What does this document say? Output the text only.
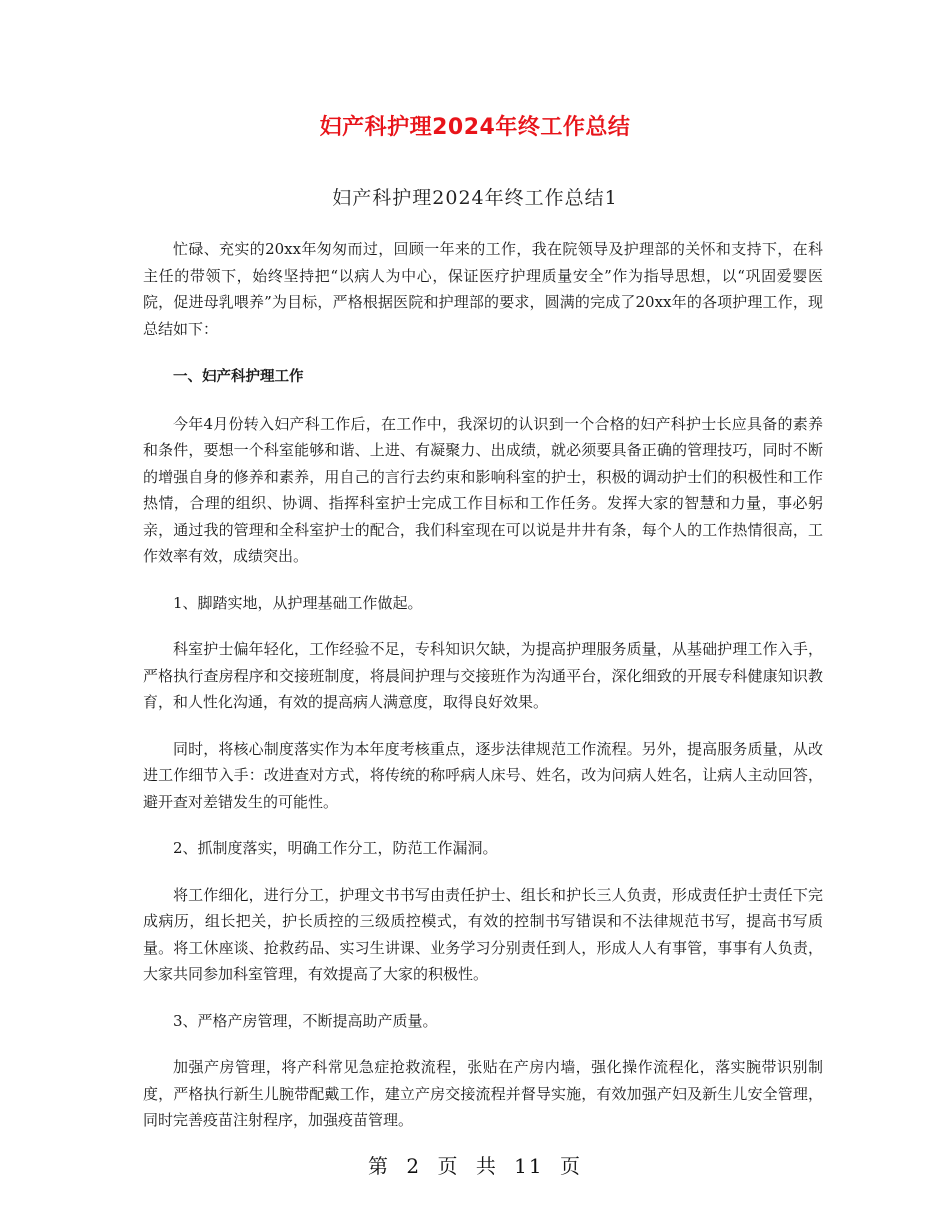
妇产科护理2024年终工作总结
妇产科护理2024年终工作总结1

忙碌、充实的20xx年匆匆而过，回顾一年来的工作，我在院领导及护理部的关怀和支持下，在科主任的带领下，始终坚持把“以病人为中心，保证医疗护理质量安全”作为指导思想，以“巩固爱婴医院，促进母乳喂养”为目标，严格根据医院和护理部的要求，圆满的完成了20xx年的各项护理工作，现总结如下：

一、妇产科护理工作

今年4月份转入妇产科工作后，在工作中，我深切的认识到一个合格的妇产科护士长应具备的素养和条件，要想一个科室能够和谐、上进、有凝聚力、出成绩，就必须要具备正确的管理技巧，同时不断的增强自身的修养和素养，用自己的言行去约束和影响科室的护士，积极的调动护士们的积极性和工作热情，合理的组织、协调、指挥科室护士完成工作目标和工作任务。发挥大家的智慧和力量，事必躬亲，通过我的管理和全科室护士的配合，我们科室现在可以说是井井有条，每个人的工作热情很高，工作效率有效，成绩突出。

1、脚踏实地，从护理基础工作做起。

科室护士偏年轻化，工作经验不足，专科知识欠缺，为提高护理服务质量，从基础护理工作入手，严格执行查房程序和交接班制度，将晨间护理与交接班作为沟通平台，深化细致的开展专科健康知识教育，和人性化沟通，有效的提高病人满意度，取得良好效果。

同时，将核心制度落实作为本年度考核重点，逐步法律规范工作流程。另外，提高服务质量，从改进工作细节入手：改进查对方式，将传统的称呼病人床号、姓名，改为问病人姓名，让病人主动回答，避开查对差错发生的可能性。

2、抓制度落实，明确工作分工，防范工作漏洞。

将工作细化，进行分工，护理文书书写由责任护士、组长和护长三人负责，形成责任护士责任下完成病历，组长把关，护长质控的三级质控模式，有效的控制书写错误和不法律规范书写，提高书写质量。将工休座谈、抢救药品、实习生讲课、业务学习分别责任到人，形成人人有事管，事事有人负责，大家共同参加科室管理，有效提高了大家的积极性。

3、严格产房管理，不断提高助产质量。

加强产房管理，将产科常见急症抢救流程，张贴在产房内墙，强化操作流程化，落实腕带识别制度，严格执行新生儿腕带配戴工作，建立产房交接流程并督导实施，有效加强产妇及新生儿安全管理，同时完善疫苗注射程序，加强疫苗管理。

第 2 页 共 11 页
